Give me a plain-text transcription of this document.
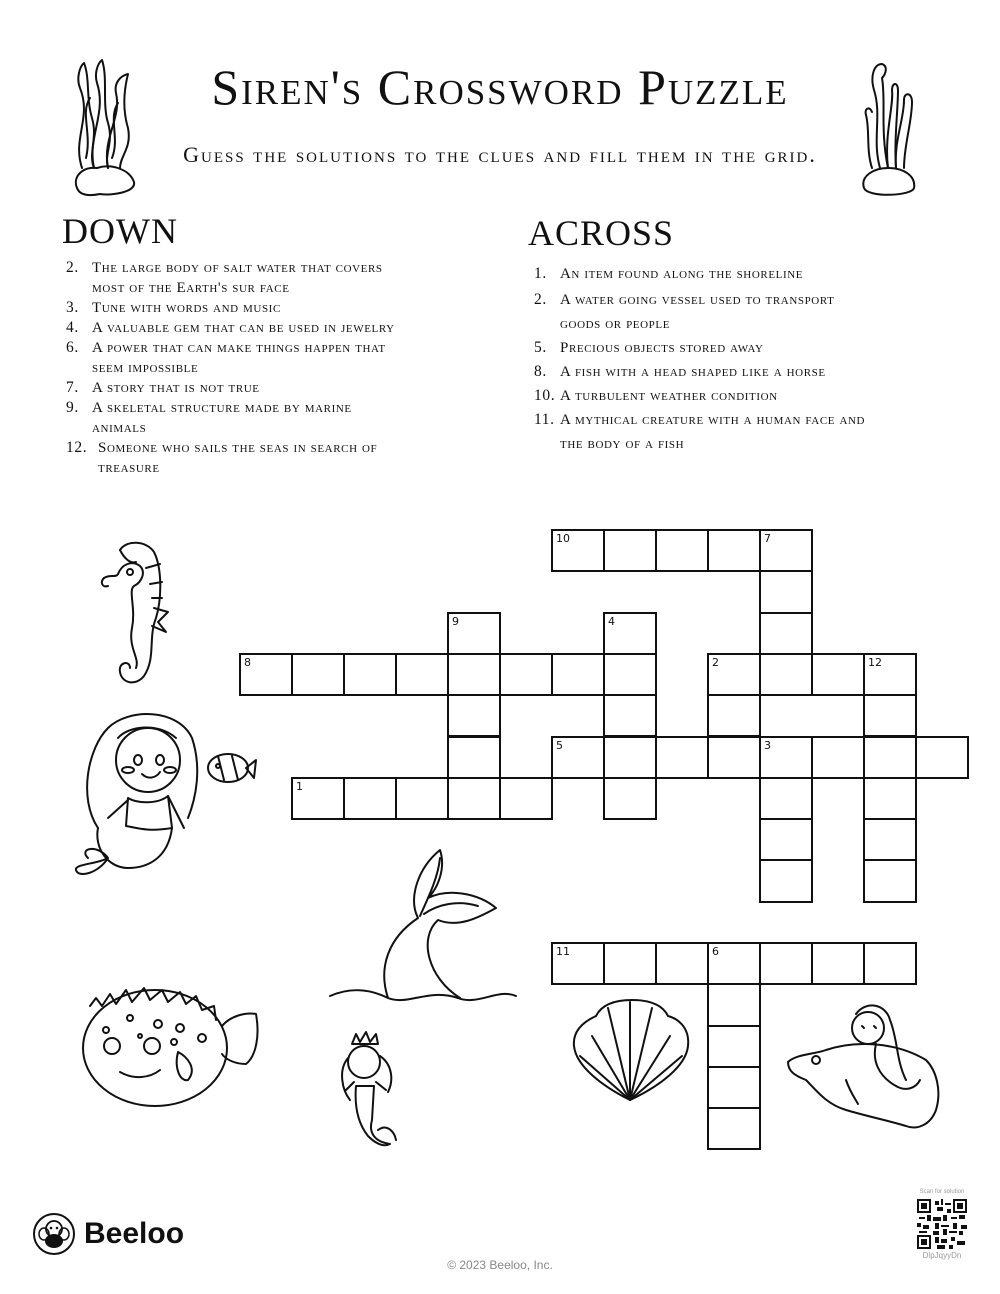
Siren's Crossword Puzzle
Guess the solutions to the clues and fill them in the grid.
DOWN
2. The large body of salt water that covers most of the Earth's sur face
3. Tune with words and music
4. A valuable gem that can be used in jewelry
6. A power that can make things happen that seem impossible
7. A story that is not true
9. A skeletal structure made by marine animals
12. Someone who sails the seas in search of treasure
ACROSS
1. An item found along the shoreline
2. A water going vessel used to transport goods or people
5. Precious objects stored away
8. A fish with a head shaped like a horse
10. A turbulent weather condition
11. A mythical creature with a human face and the body of a fish
10	7
9	4
8	2	12
5	3
1
11	6
Beeloo
© 2023 Beeloo, Inc.
Scan for solution
DlpJqyyDn
